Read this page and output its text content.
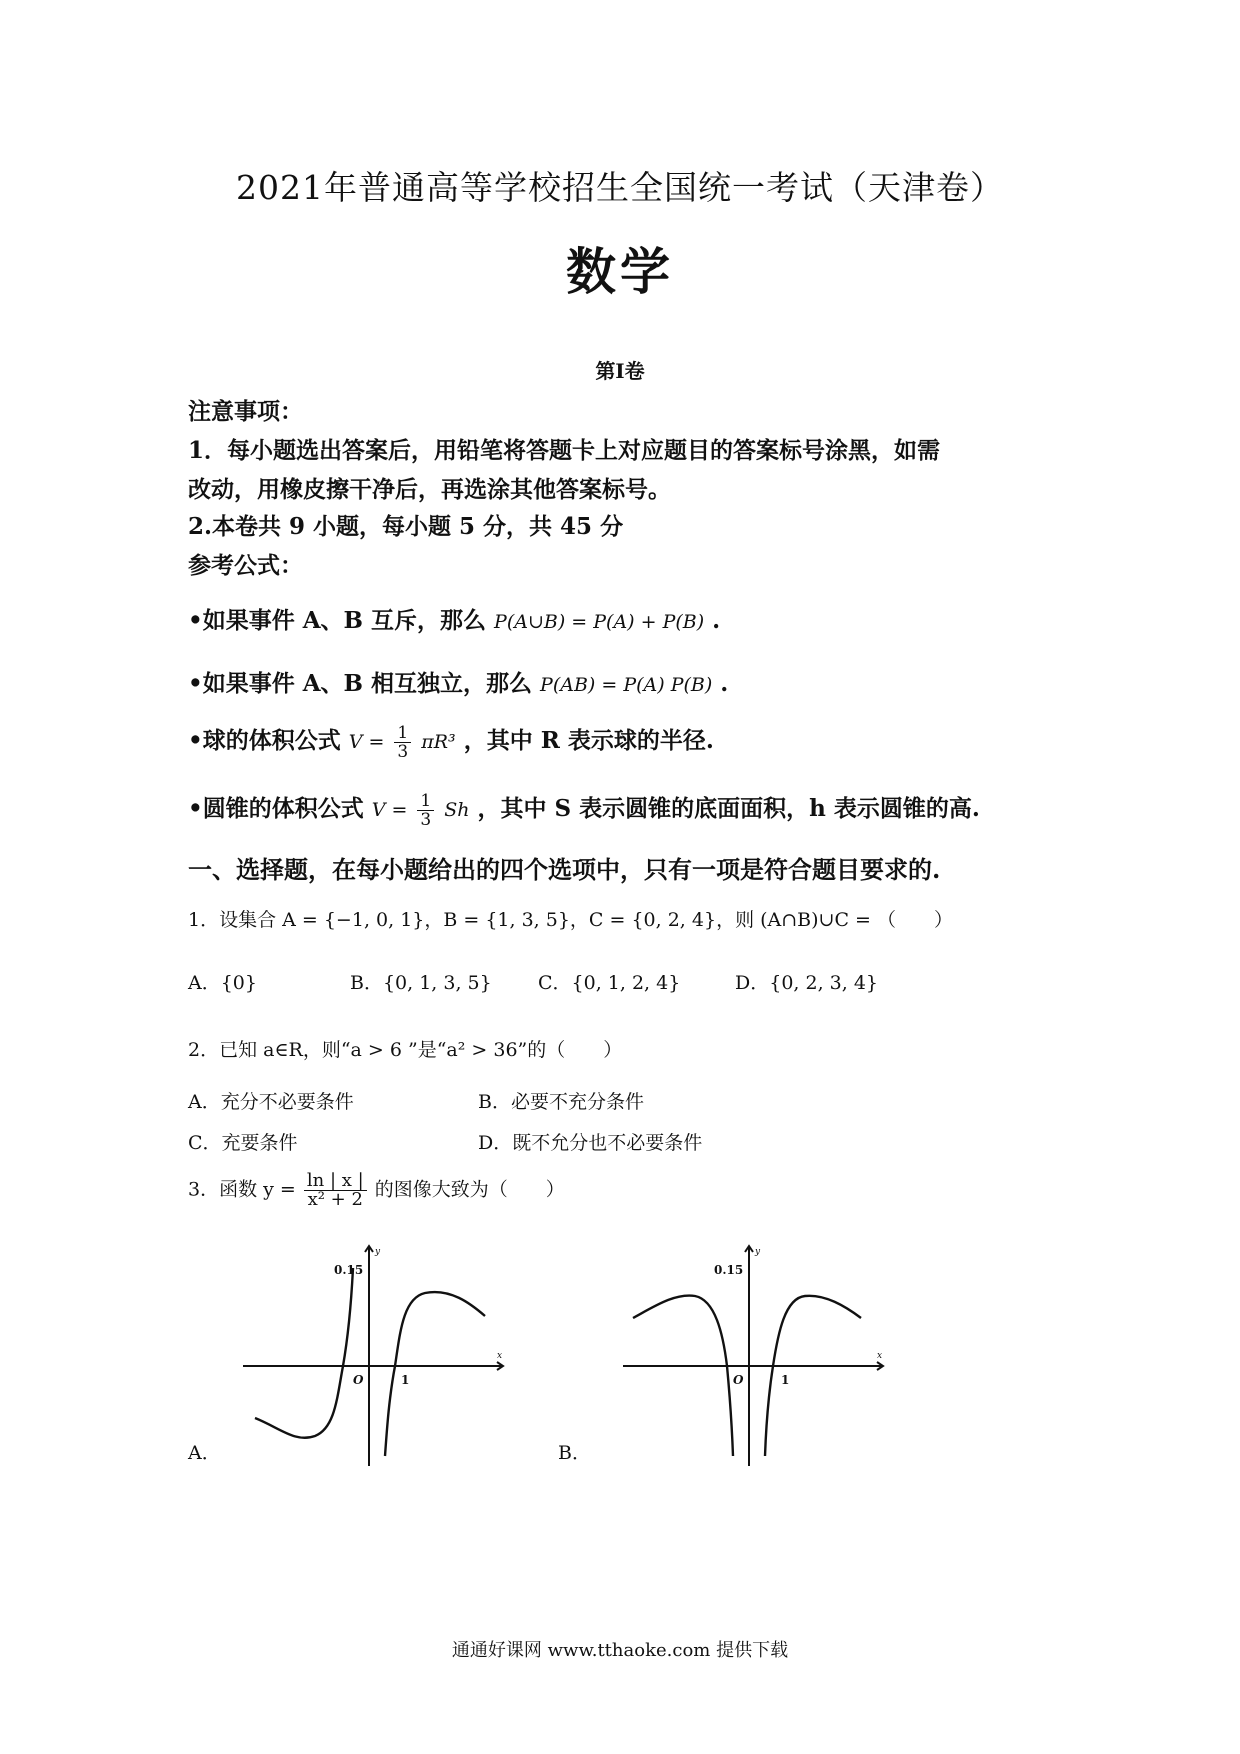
2021年普通高等学校招生全国统一考试（天津卷）
数学
第I卷
注意事项：
1．每小题选出答案后，用铅笔将答题卡上对应题目的答案标号涂黑，如需
改动，用橡皮擦干净后，再选涂其他答案标号。
2.本卷共 9 小题，每小题 5 分，共 45 分
参考公式：
•如果事件 A、B 互斥，那么 P(A∪B) = P(A) + P(B) .
•如果事件 A、B 相互独立，那么 P(AB) = P(A) P(B) .
•球的体积公式 $V = \frac{1}{3} \pi R^3$ ，其中 R 表示球的半径.
•圆锥的体积公式 $V = \frac{1}{3}$ Sh ，其中 S 表示圆锥的底面面积，h 表示圆锥的高.
一、选择题，在每小题给出的四个选项中，只有一项是符合题目要求的.
1．设集合 A = {−1, 0, 1}，B = {1, 3, 5}，C = {0, 2, 4}，则 (A∩B)∪C = （　　）
A．{0}	B．{0, 1, 3, 5} C．{0, 1, 2, 4}	D．{0, 2, 3, 4}
2．已知 a∈R，则“a > 6 ”是“a² > 36”的（　　）
A．充分不必要条件	B．必要不充分条件
C．充要条件	D．既不允分也不必要条件
3．函数 $y = \frac{\ln | x |}{\text{x² + 2}}$ 的图像大致为（　　）
0.15
O	1
x
y
A．
0.15
O	1
x
y
B．
通通好课网 www.tthaoke.com 提供下载
